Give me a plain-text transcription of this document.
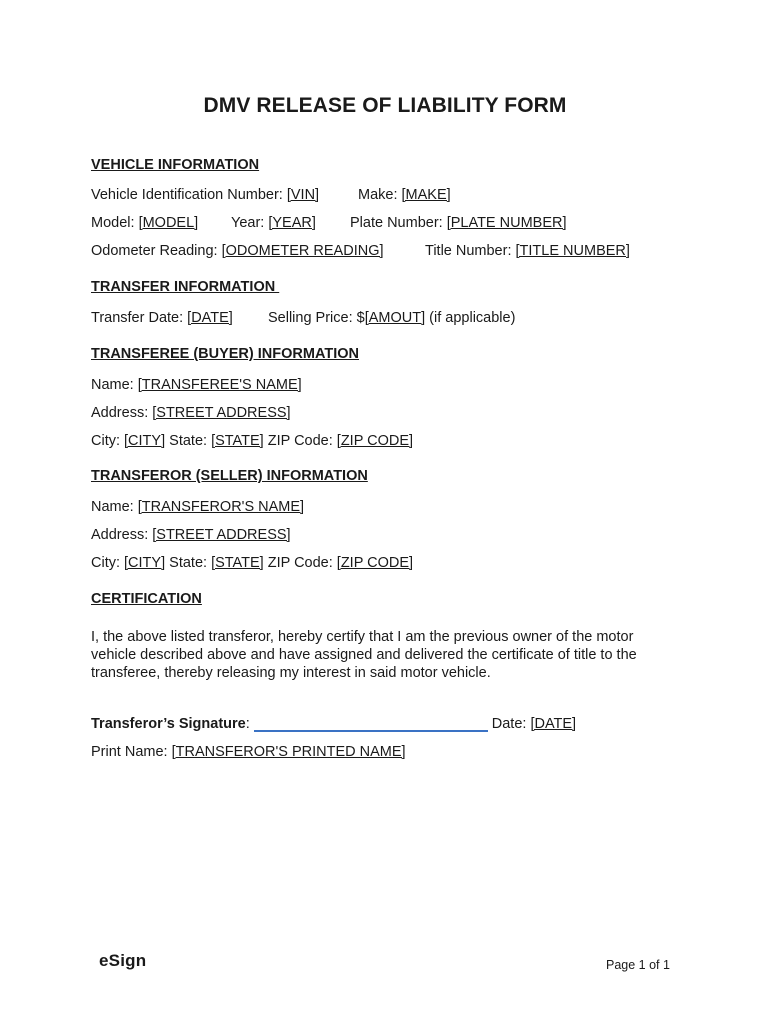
DMV RELEASE OF LIABILITY FORM
VEHICLE INFORMATION
Vehicle Identification Number: [VIN]	Make: [MAKE]
Model: [MODEL] Year: [YEAR] Plate Number: [PLATE NUMBER]
Odometer Reading: [ODOMETER READING]	Title Number: [TITLE NUMBER]
TRANSFER INFORMATION
Transfer Date: [DATE] Selling Price: $[AMOUT] (if applicable)
TRANSFEREE (BUYER) INFORMATION
Name: [TRANSFEREE'S NAME]
Address: [STREET ADDRESS]
City: [CITY] State: [STATE] ZIP Code: [ZIP CODE]
TRANSFEROR (SELLER) INFORMATION
Name: [TRANSFEROR'S NAME]
Address: [STREET ADDRESS]
City: [CITY] State: [STATE] ZIP Code: [ZIP CODE]
CERTIFICATION
I, the above listed transferor, hereby certify that I am the previous owner of the motor vehicle described above and have assigned and delivered the certificate of title to the transferee, thereby releasing my interest in said motor vehicle.
Transferor’s Signature:	Date: [DATE]
Print Name: [TRANSFEROR'S PRINTED NAME]
eSign	Page 1 of 1
